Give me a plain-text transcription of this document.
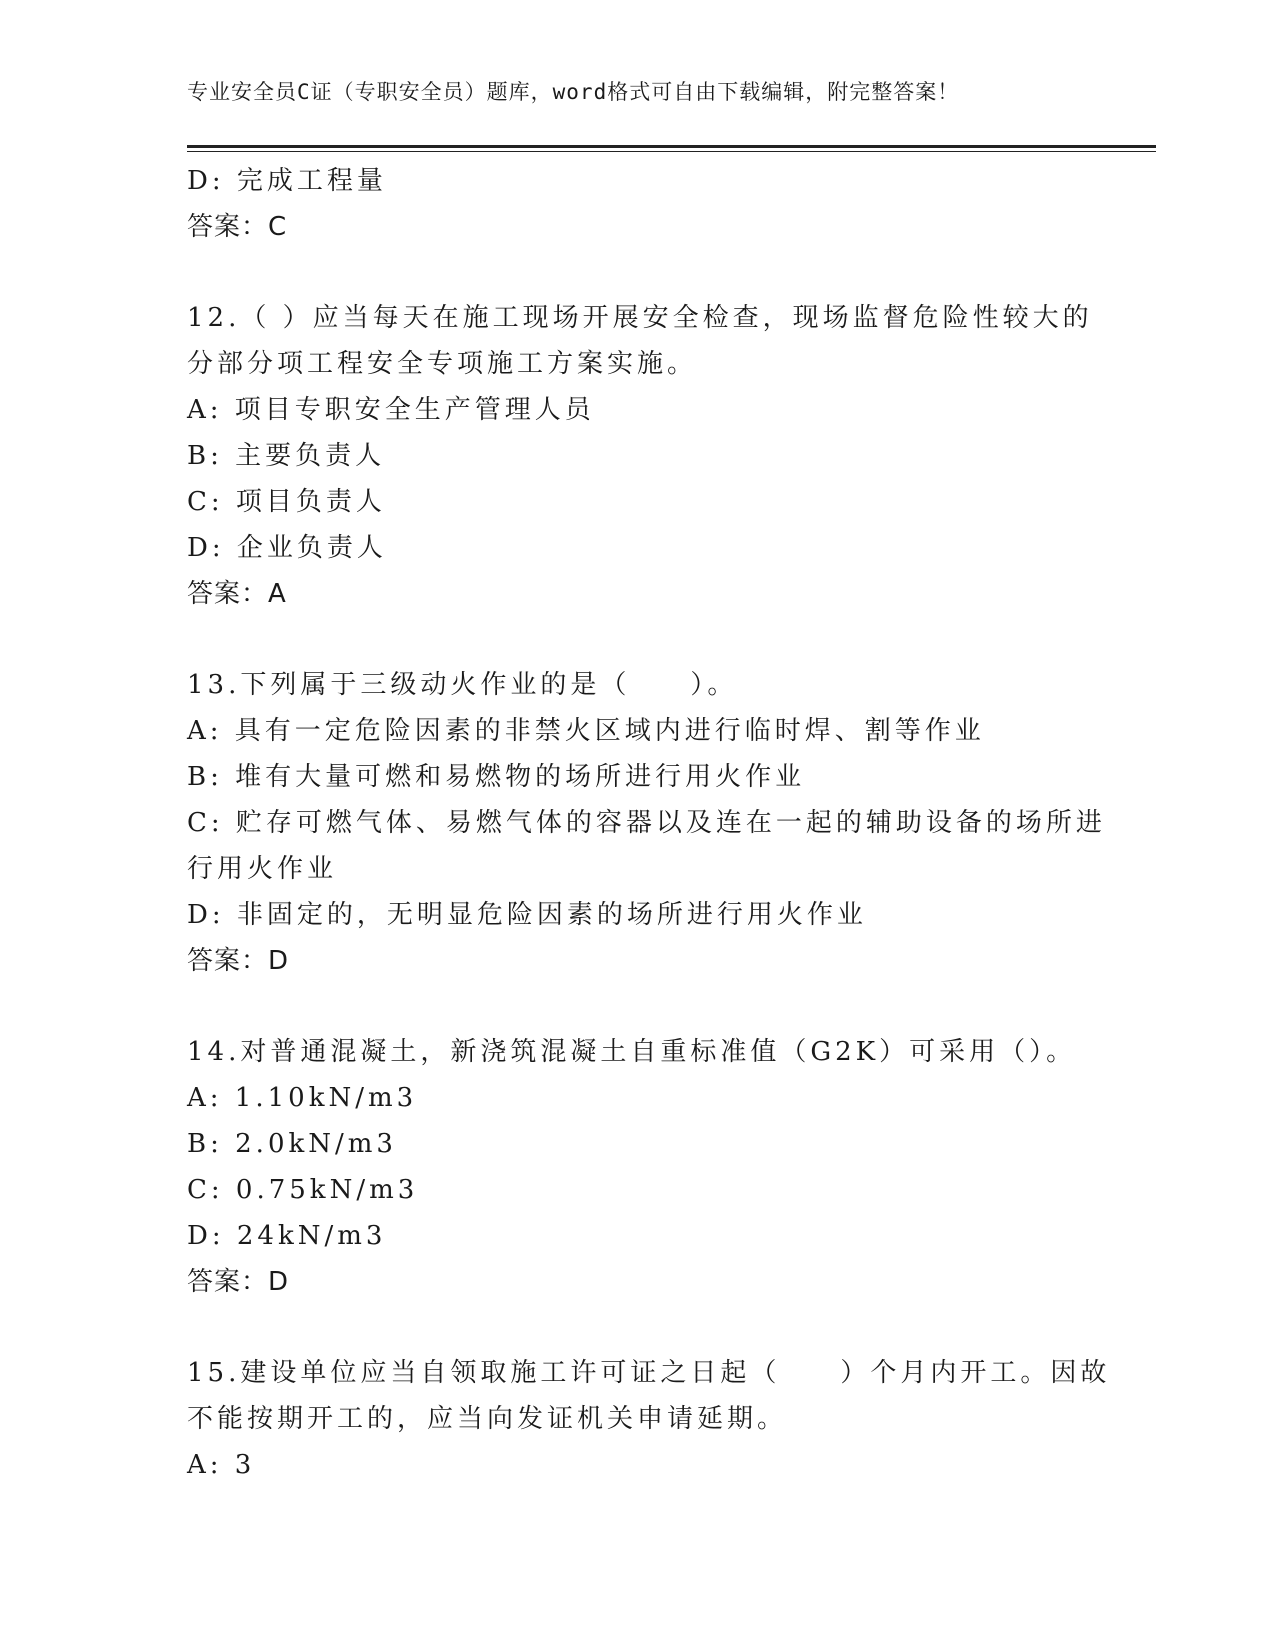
专业安全员C证（专职安全员）题库，word格式可自由下载编辑，附完整答案！
D: 完成工程量
答案：C
12.（ ）应当每天在施工现场开展安全检查，现场监督危险性较大的
分部分项工程安全专项施工方案实施。
A: 项目专职安全生产管理人员
B: 主要负责人
C: 项目负责人
D: 企业负责人
答案：A
13.下列属于三级动火作业的是（　　）。
A: 具有一定危险因素的非禁火区域内进行临时焊、割等作业
B: 堆有大量可燃和易燃物的场所进行用火作业
C: 贮存可燃气体、易燃气体的容器以及连在一起的辅助设备的场所进
行用火作业
D: 非固定的，无明显危险因素的场所进行用火作业
答案：D
14.对普通混凝土，新浇筑混凝土自重标准值（G2K）可采用（）。
A: 1.10kN/m3
B: 2.0kN/m3
C: 0.75kN/m3
D: 24kN/m3
答案：D
15.建设单位应当自领取施工许可证之日起（　　）个月内开工。因故
不能按期开工的，应当向发证机关申请延期。
A: 3
